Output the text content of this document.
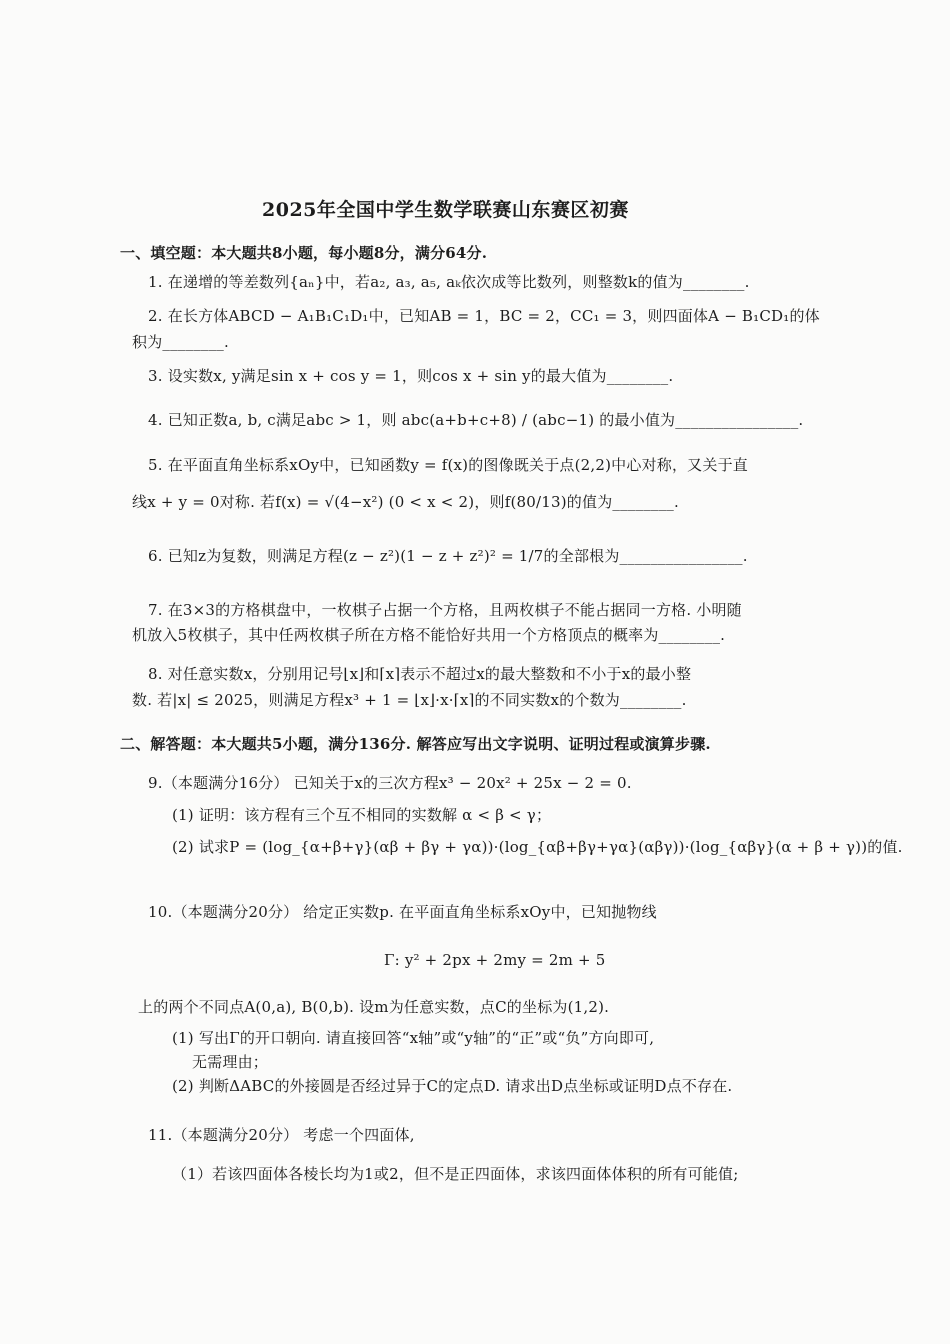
2025年全国中学生数学联赛山东赛区初赛
一、填空题：本大题共8小题，每小题8分，满分64分.
1. 在递增的等差数列{aₙ}中，若a₂, a₃, a₅, aₖ依次成等比数列，则整数k的值为________.
2. 在长方体ABCD − A₁B₁C₁D₁中，已知AB = 1，BC = 2，CC₁ = 3，则四面体A − B₁CD₁的体
积为________.
3. 设实数x, y满足sin x + cos y = 1，则cos x + sin y的最大值为________.
4. 已知正数a, b, c满足abc > 1，则 abc(a+b+c+8) / (abc−1) 的最小值为________________.
5. 在平面直角坐标系xOy中，已知函数y = f(x)的图像既关于点(2,2)中心对称，又关于直
线x + y = 0对称. 若f(x) = √(4−x²) (0 < x < 2)，则f(80/13)的值为________.
6. 已知z为复数，则满足方程(z − z²)(1 − z + z²)² = 1/7的全部根为________________.
7. 在3×3的方格棋盘中，一枚棋子占据一个方格，且两枚棋子不能占据同一方格. 小明随
机放入5枚棋子，其中任两枚棋子所在方格不能恰好共用一个方格顶点的概率为________.
8. 对任意实数x，分别用记号⌊x⌋和⌈x⌉表示不超过x的最大整数和不小于x的最小整
数. 若|x| ≤ 2025，则满足方程x³ + 1 = ⌊x⌋·x·⌈x⌉的不同实数x的个数为________.
二、解答题：本大题共5小题，满分136分. 解答应写出文字说明、证明过程或演算步骤.
9.（本题满分16分） 已知关于x的三次方程x³ − 20x² + 25x − 2 = 0.
(1) 证明：该方程有三个互不相同的实数解 α < β < γ；
(2) 试求P = (log_{α+β+γ}(αβ + βγ + γα))·(log_{αβ+βγ+γα}(αβγ))·(log_{αβγ}(α + β + γ))的值.
10.（本题满分20分） 给定正实数p. 在平面直角坐标系xOy中，已知抛物线
Γ: y² + 2px + 2my = 2m + 5
上的两个不同点A(0,a), B(0,b). 设m为任意实数，点C的坐标为(1,2).
(1) 写出Γ的开口朝向. 请直接回答“x轴”或“y轴”的“正”或“负”方向即可,
无需理由；
(2) 判断ΔABC的外接圆是否经过异于C的定点D. 请求出D点坐标或证明D点不存在.
11.（本题满分20分） 考虑一个四面体,
（1）若该四面体各棱长均为1或2，但不是正四面体，求该四面体体积的所有可能值;
